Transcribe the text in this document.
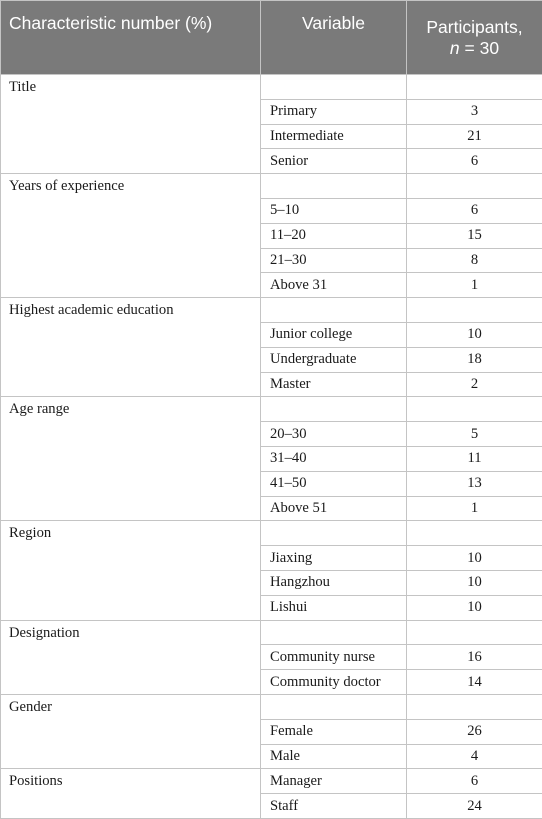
Characteristic number (%)	Variable	Participants,
n = 30
Title		
	Primary	3
	Intermediate	21
	Senior	6
Years of experience		
	5–10	6
	11–20	15
	21–30	8
	Above 31	1
Highest academic education		
	Junior college	10
	Undergraduate	18
	Master	2
Age range		
	20–30	5
	31–40	11
	41–50	13
	Above 51	1
Region		
	Jiaxing	10
	Hangzhou	10
	Lishui	10
Designation		
	Community nurse	16
	Community doctor	14
Gender		
	Female	26
	Male	4
Positions	Manager	6
	Staff	24
